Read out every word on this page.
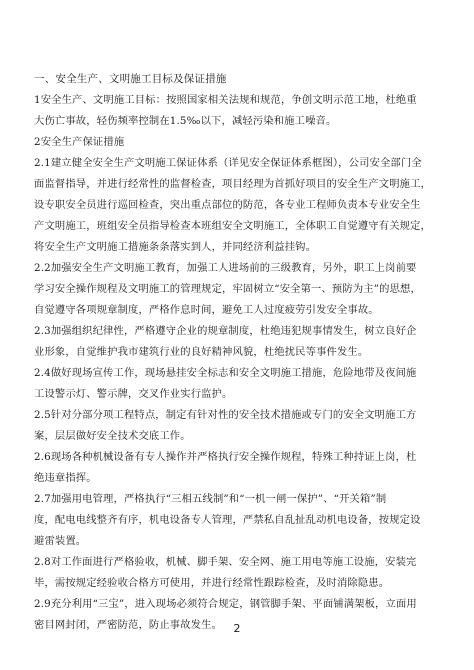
一、安全生产、文明施工目标及保证措施
1安全生产、文明施工目标：按照国家相关法规和规范，争创文明示范工地，杜绝重
大伤亡事故，轻伤频率控制在1.5‰以下，减轻污染和施工噪音。
2安全生产保证措施
2.1建立健全安全生产文明施工保证体系（详见安全保证体系框图），公司安全部门全
面监督指导，并进行经常性的监督检查，项目经理为首抓好项目的安全生产文明施工，
设专职安全员进行巡回检查，突出重点部位的防范，各专业工程师负责本专业安全生
产文明施工，班组安全员指导检查本班组安全文明施工，全体职工自觉遵守有关规定，
将安全生产文明施工措施条条落实到人，并同经济利益挂钩。
2.2加强安全生产文明施工教育，加强工人进场前的三级教育，另外，职工上岗前要
学习安全操作规程及文明施工的管理规定，牢固树立“安全第一、预防为主”的思想，
自觉遵守各项规章制度，严格作息时间，避免工人过度疲劳引发安全事故。
2.3加强组织纪律性，严格遵守企业的规章制度，杜绝违犯规事情发生，树立良好企
业形象，自觉维护我市建筑行业的良好精神风貌，杜绝扰民等事件发生。
2.4做好现场宣传工作，现场悬挂安全标志和安全文明施工措施，危险地带及夜间施
工设警示灯、警示牌，交叉作业实行监护。
2.5针对分部分项工程特点，制定有针对性的安全技术措施或专门的安全文明施工方
案，层层做好安全技术交底工作。
2.6现场各种机械设备有专人操作并严格执行安全操作规程，特殊工种持证上岗，杜
绝违章指挥。
2.7加强用电管理，严格执行“三相五线制”和“一机一闸一保护”、“开关箱”制
度，配电电线整齐有序，机电设备专人管理，严禁私自乱扯乱动机电设备，按规定设
避雷装置。
2.8对工作面进行严格验收，机械、脚手架、安全网、施工用电等施工设施，安装完
毕，需按规定经验收合格方可使用，并进行经常性跟踪检查，及时消除隐患。
2.9充分利用“三宝”，进入现场必须符合规定，钢管脚手架、平面铺满架板，立面用
密目网封闭，严密防范，防止事故发生。	2
